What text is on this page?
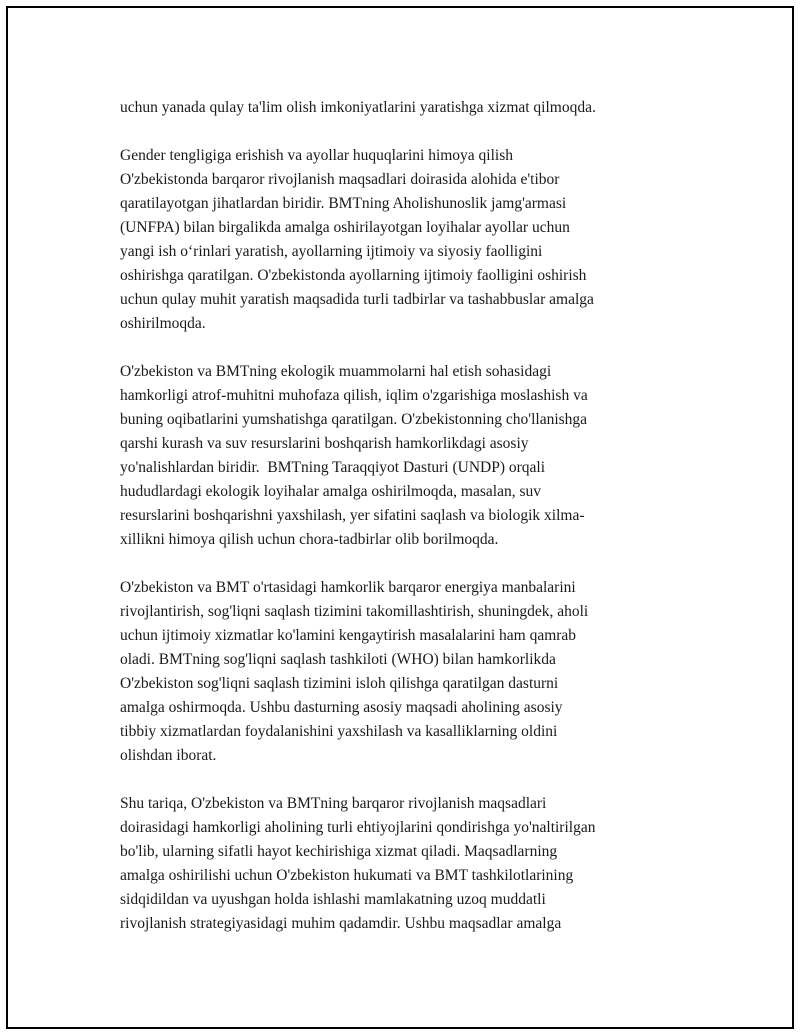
uchun yanada qulay ta'lim olish imkoniyatlarini yaratishga xizmat qilmoqda.

Gender tengligiga erishish va ayollar huquqlarini himoya qilish
O'zbekistonda barqaror rivojlanish maqsadlari doirasida alohida e'tibor
qaratilayotgan jihatlardan biridir. BMTning Aholishunoslik jamg'armasi
(UNFPA) bilan birgalikda amalga oshirilayotgan loyihalar ayollar uchun
yangi ish o‘rinlari yaratish, ayollarning ijtimoiy va siyosiy faolligini
oshirishga qaratilgan. O'zbekistonda ayollarning ijtimoiy faolligini oshirish
uchun qulay muhit yaratish maqsadida turli tadbirlar va tashabbuslar amalga
oshirilmoqda.

O'zbekiston va BMTning ekologik muammolarni hal etish sohasidagi
hamkorligi atrof-muhitni muhofaza qilish, iqlim o'zgarishiga moslashish va
buning oqibatlarini yumshatishga qaratilgan. O'zbekistonning cho'llanishga
qarshi kurash va suv resurslarini boshqarish hamkorlikdagi asosiy
yo'nalishlardan biridir.  BMTning Taraqqiyot Dasturi (UNDP) orqali
hududlardagi ekologik loyihalar amalga oshirilmoqda, masalan, suv
resurslarini boshqarishni yaxshilash, yer sifatini saqlash va biologik xilma-
xillikni himoya qilish uchun chora-tadbirlar olib borilmoqda.

O'zbekiston va BMT o'rtasidagi hamkorlik barqaror energiya manbalarini
rivojlantirish, sog'liqni saqlash tizimini takomillashtirish, shuningdek, aholi
uchun ijtimoiy xizmatlar ko'lamini kengaytirish masalalarini ham qamrab
oladi. BMTning sog'liqni saqlash tashkiloti (WHO) bilan hamkorlikda
O'zbekiston sog'liqni saqlash tizimini isloh qilishga qaratilgan dasturni
amalga oshirmoqda. Ushbu dasturning asosiy maqsadi aholining asosiy
tibbiy xizmatlardan foydalanishini yaxshilash va kasalliklarning oldini
olishdan iborat.

Shu tariqa, O'zbekiston va BMTning barqaror rivojlanish maqsadlari
doirasidagi hamkorligi aholining turli ehtiyojlarini qondirishga yo'naltirilgan
bo'lib, ularning sifatli hayot kechirishiga xizmat qiladi. Maqsadlarning
amalga oshirilishi uchun O'zbekiston hukumati va BMT tashkilotlarining
sidqidildan va uyushgan holda ishlashi mamlakatning uzoq muddatli
rivojlanish strategiyasidagi muhim qadamdir. Ushbu maqsadlar amalga
